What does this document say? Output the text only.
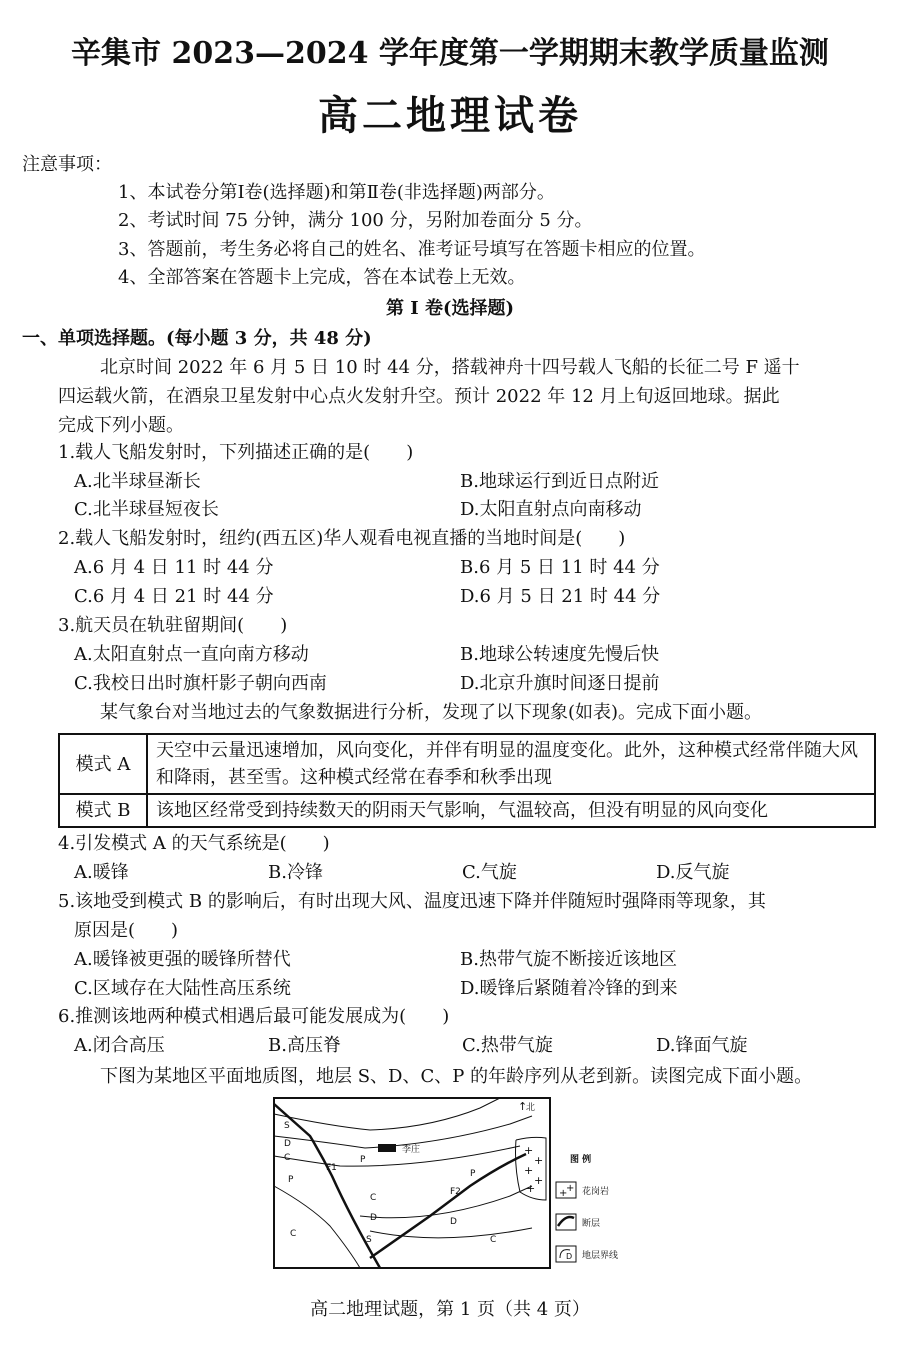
辛集市 2023—2024 学年度第一学期期末教学质量监测
高二地理试卷
注意事项：
1、本试卷分第Ⅰ卷(选择题)和第Ⅱ卷(非选择题)两部分。
2、考试时间 75 分钟，满分 100 分，另附加卷面分 5 分。
3、答题前，考生务必将自己的姓名、准考证号填写在答题卡相应的位置。
4、全部答案在答题卡上完成，答在本试卷上无效。
第 I 卷(选择题)
一、单项选择题。(每小题 3 分，共 48 分)
北京时间 2022 年 6 月 5 日 10 时 44 分，搭载神舟十四号载人飞船的长征二号 F 遥十
四运载火箭，在酒泉卫星发射中心点火发射升空。预计 2022 年 12 月上旬返回地球。据此
完成下列小题。
1.载人飞船发射时，下列描述正确的是(　　)
A.北半球昼渐长	B.地球运行到近日点附近
C.北半球昼短夜长	D.太阳直射点向南移动
2.载人飞船发射时，纽约(西五区)华人观看电视直播的当地时间是(　　)
A.6 月 4 日 11 时 44 分	B.6 月 5 日 11 时 44 分
C.6 月 4 日 21 时 44 分	D.6 月 5 日 21 时 44 分
3.航天员在轨驻留期间(　　)
A.太阳直射点一直向南方移动	B.地球公转速度先慢后快
C.我校日出时旗杆影子朝向西南	D.北京升旗时间逐日提前
某气象台对当地过去的气象数据进行分析，发现了以下现象(如表)。完成下面小题。
模式 A	天空中云量迅速增加，风向变化，并伴有明显的温度变化。此外，这种模式经常伴随大风和降雨，甚至雪。这种模式经常在春季和秋季出现
模式 B	该地区经常受到持续数天的阴雨天气影响，气温较高，但没有明显的风向变化
4.引发模式 A 的天气系统是(　　)
A.暖锋	B.冷锋	C.气旋	D.反气旋
5.该地受到模式 B 的影响后，有时出现大风、温度迅速下降并伴随短时强降雨等现象，其
原因是(　　)
A.暖锋被更强的暖锋所替代	B.热带气旋不断接近该地区
C.区域存在大陆性高压系统	D.暖锋后紧随着冷锋的到来
6.推测该地两种模式相遇后最可能发展成为(　　)
A.闭合高压	B.高压脊	C.热带气旋	D.锋面气旋
下图为某地区平面地质图，地层 S、D、C、P 的年龄序列从老到新。读图完成下面小题。
+
+
+
+
+
李庄
↑
北
F1
F2
S
D
C
P
P
C
P
C
D
S	C
D
图 例
花岗岩
断层
地层界线
+
+
D
高二地理试题，第 1 页（共 4 页）
